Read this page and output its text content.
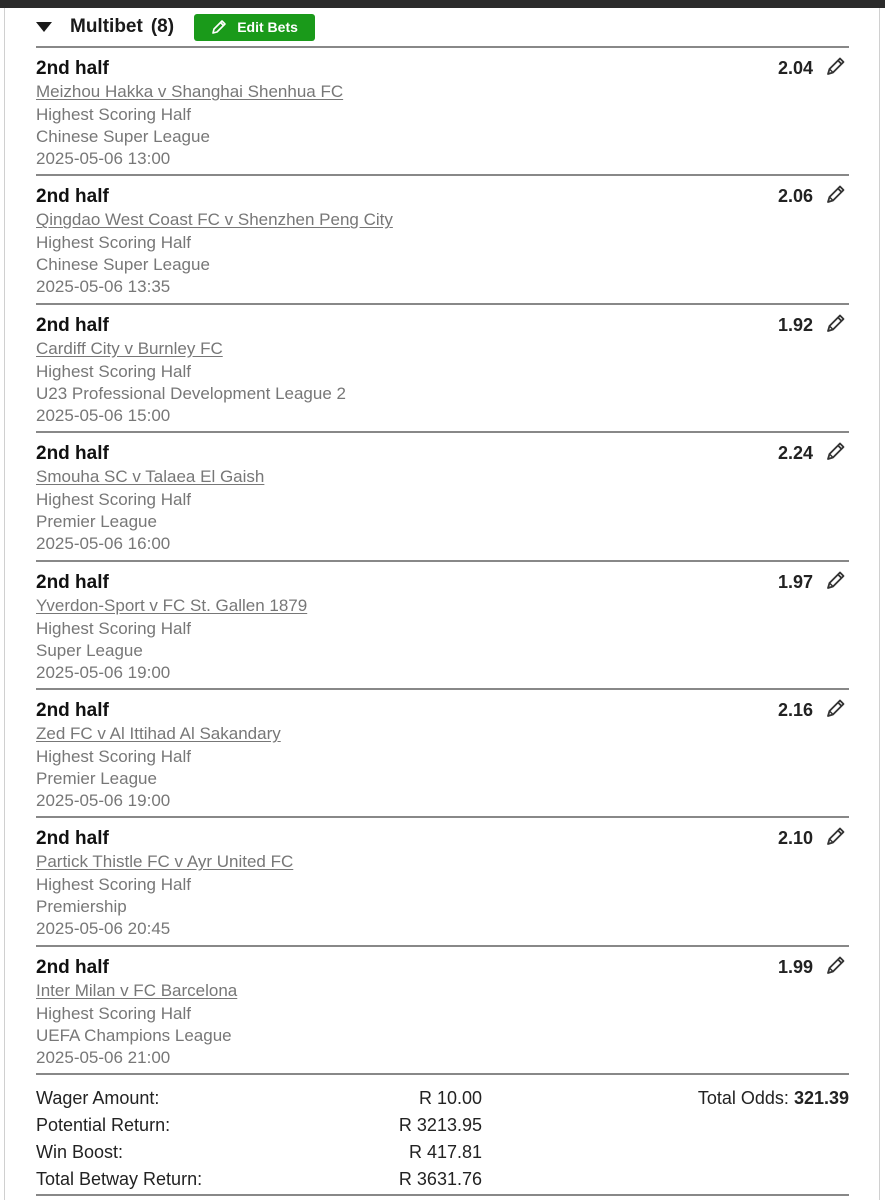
Multibet (8)	Edit Bets
2nd half
Meizhou Hakka v Shanghai Shenhua FC
Highest Scoring Half
Chinese Super League
2025-05-06 13:00
2.04
2nd half
Qingdao West Coast FC v Shenzhen Peng City
Highest Scoring Half
Chinese Super League
2025-05-06 13:35
2.06
2nd half
Cardiff City v Burnley FC
Highest Scoring Half
U23 Professional Development League 2
2025-05-06 15:00
1.92
2nd half
Smouha SC v Talaea El Gaish
Highest Scoring Half
Premier League
2025-05-06 16:00
2.24
2nd half
Yverdon-Sport v FC St. Gallen 1879
Highest Scoring Half
Super League
2025-05-06 19:00
1.97
2nd half
Zed FC v Al Ittihad Al Sakandary
Highest Scoring Half
Premier League
2025-05-06 19:00
2.16
2nd half
Partick Thistle FC v Ayr United FC
Highest Scoring Half
Premiership
2025-05-06 20:45
2.10
2nd half
Inter Milan v FC Barcelona
Highest Scoring Half
UEFA Champions League
2025-05-06 21:00
1.99
Wager Amount:	R 10.00
Potential Return:	R 3213.95
Win Boost:	R 417.81
Total Betway Return:	R 3631.76
Total Odds: 321.39
